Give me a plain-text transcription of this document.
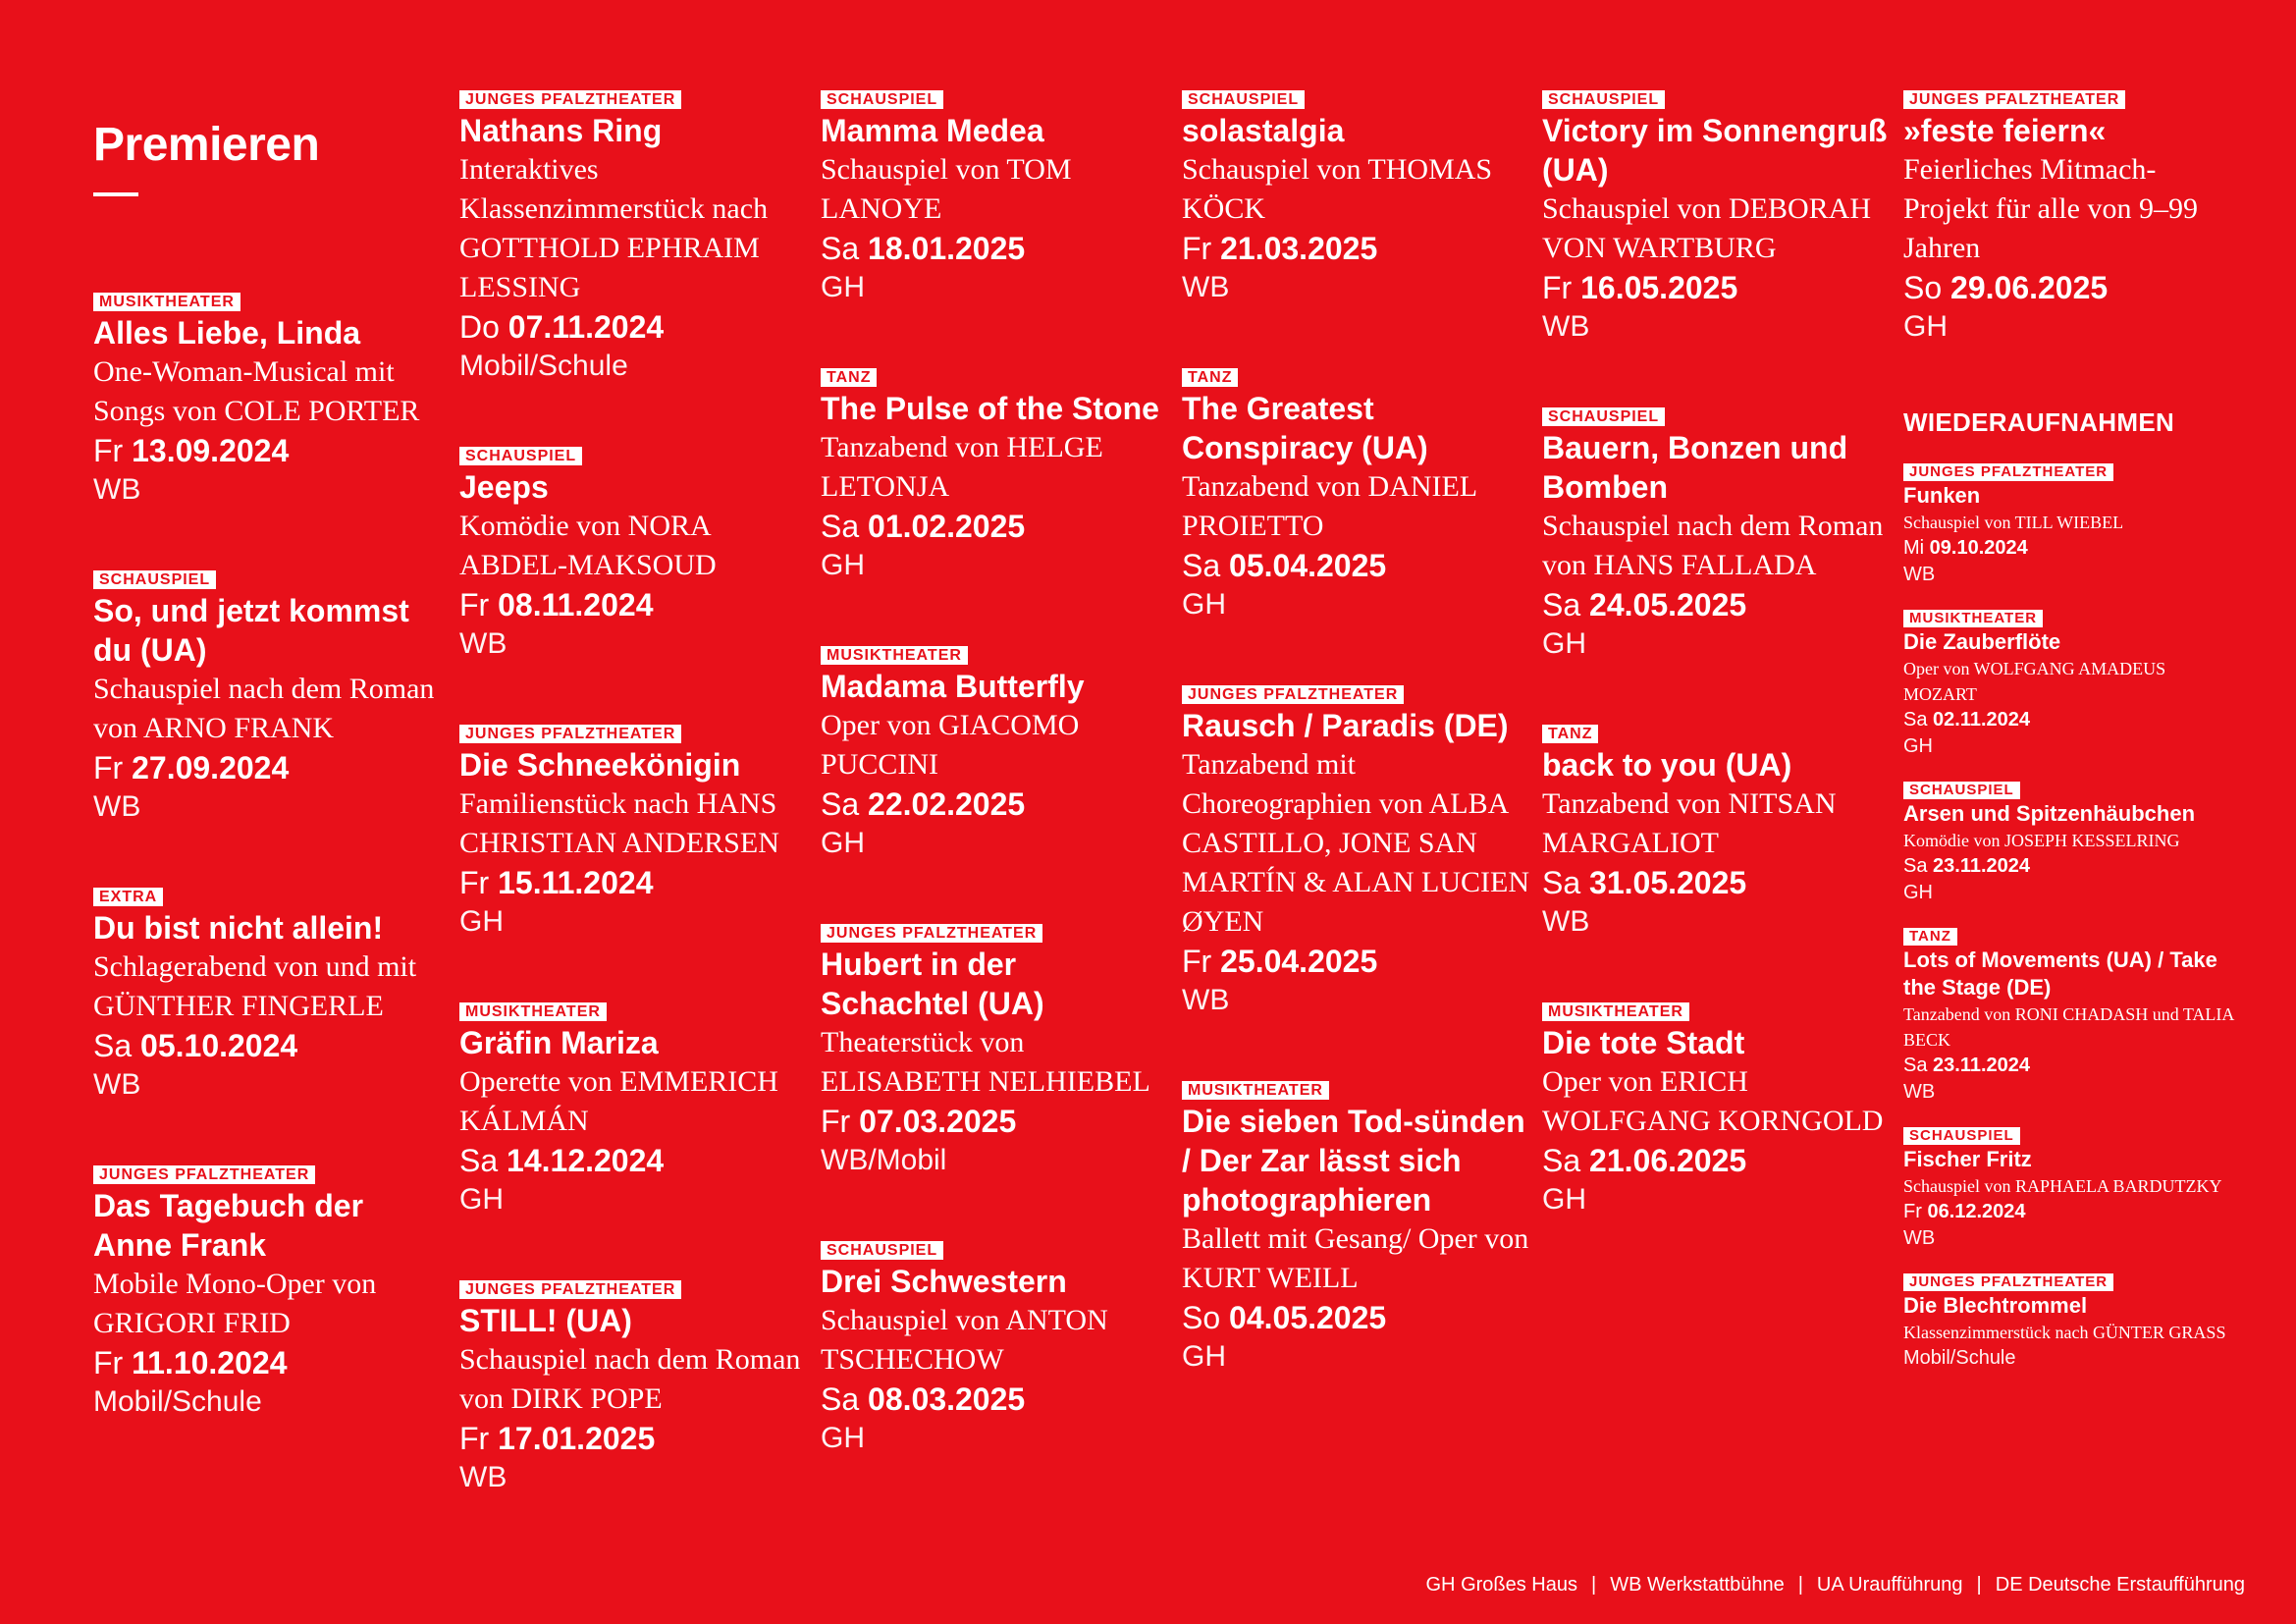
Premieren
MUSIKTHEATER
Alles Liebe, Linda
One-Woman-Musical mit Songs von COLE PORTER
Fr 13.09.2024
WB
SCHAUSPIEL
So, und jetzt kommst du (UA)
Schauspiel nach dem Roman von ARNO FRANK
Fr 27.09.2024
WB
EXTRA
Du bist nicht allein!
Schlagerabend von und mit GÜNTHER FINGERLE
Sa 05.10.2024
WB
JUNGES PFALZTHEATER
Das Tagebuch der Anne Frank
Mobile Mono-Oper von GRIGORI FRID
Fr 11.10.2024
Mobil/Schule
JUNGES PFALZTHEATER
Nathans Ring
Interaktives Klassenzimmerstück nach GOTTHOLD EPHRAIM LESSING
Do 07.11.2024
Mobil/Schule
SCHAUSPIEL
Jeeps
Komödie von NORA ABDEL-MAKSOUD
Fr 08.11.2024
WB
JUNGES PFALZTHEATER
Die Schneekönigin
Familienstück nach HANS CHRISTIAN ANDERSEN
Fr 15.11.2024
GH
MUSIKTHEATER
Gräfin Mariza
Operette von EMMERICH KÁLMÁN
Sa 14.12.2024
GH
JUNGES PFALZTHEATER
STILL! (UA)
Schauspiel nach dem Roman von DIRK POPE
Fr 17.01.2025
WB
SCHAUSPIEL
Mamma Medea
Schauspiel von TOM LANOYE
Sa 18.01.2025
GH
TANZ
The Pulse of the Stone
Tanzabend von HELGE LETONJA
Sa 01.02.2025
GH
MUSIKTHEATER
Madama Butterfly
Oper von GIACOMO PUCCINI
Sa 22.02.2025
GH
JUNGES PFALZTHEATER
Hubert in der Schachtel (UA)
Theaterstück von ELISABETH NELHIEBEL
Fr 07.03.2025
WB/Mobil
SCHAUSPIEL
Drei Schwestern
Schauspiel von ANTON TSCHECHOW
Sa 08.03.2025
GH
SCHAUSPIEL
solastalgia
Schauspiel von THOMAS KÖCK
Fr 21.03.2025
WB
TANZ
The Greatest Conspiracy (UA)
Tanzabend von DANIEL PROIETTO
Sa 05.04.2025
GH
JUNGES PFALZTHEATER
Rausch / Paradis (DE)
Tanzabend mit Choreographien von ALBA CASTILLO, JONE SAN MARTÍN & ALAN LUCIEN ØYEN
Fr 25.04.2025
WB
MUSIKTHEATER
Die sieben Tod-sünden / Der Zar lässt sich photographieren
Ballett mit Gesang/ Oper von KURT WEILL
So 04.05.2025
GH
SCHAUSPIEL
Victory im Sonnengruß (UA)
Schauspiel von DEBORAH VON WARTBURG
Fr 16.05.2025
WB
SCHAUSPIEL
Bauern, Bonzen und Bomben
Schauspiel nach dem Roman von HANS FALLADA
Sa 24.05.2025
GH
TANZ
back to you (UA)
Tanzabend von NITSAN MARGALIOT
Sa 31.05.2025
WB
MUSIKTHEATER
Die tote Stadt
Oper von ERICH WOLFGANG KORNGOLD
Sa 21.06.2025
GH
JUNGES PFALZTHEATER
»feste feiern«
Feierliches Mitmach-Projekt für alle von 9–99 Jahren
So 29.06.2025
GH
WIEDERAUFNAHMEN
JUNGES PFALZTHEATER
Funken
Schauspiel von TILL WIEBEL
Mi 09.10.2024
WB
MUSIKTHEATER
Die Zauberflöte
Oper von WOLFGANG AMADEUS MOZART
Sa 02.11.2024
GH
SCHAUSPIEL
Arsen und Spitzenhäubchen
Komödie von JOSEPH KESSELRING
Sa 23.11.2024
GH
TANZ
Lots of Movements (UA) / Take the Stage (DE)
Tanzabend von RONI CHADASH und TALIA BECK
Sa 23.11.2024
WB
SCHAUSPIEL
Fischer Fritz
Schauspiel von RAPHAELA BARDUTZKY
Fr 06.12.2024
WB
JUNGES PFALZTHEATER
Die Blechtrommel
Klassenzimmerstück nach GÜNTER GRASS
Mobil/Schule
GH Großes Haus | WB Werkstattbühne | UA Uraufführung | DE Deutsche Erstaufführung
